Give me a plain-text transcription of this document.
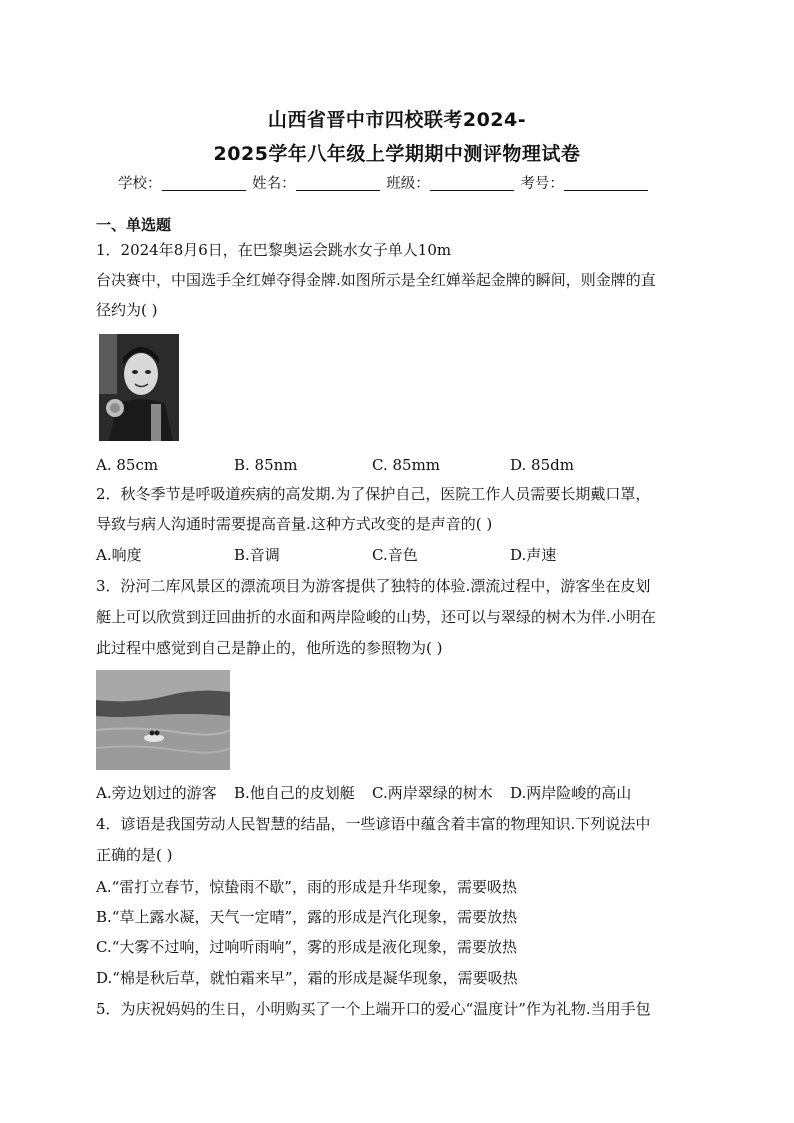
山西省晋中市四校联考2024-
2025学年八年级上学期期中测评物理试卷
学校：	姓名：	班级：	考号：
一、单选题
1．2024年8月6日，在巴黎奥运会跳水女子单人10m
台决赛中，中国选手全红婵夺得金牌.如图所示是全红婵举起金牌的瞬间，则金牌的直
径约为( )
A. 85cm	B. 85nm	C. 85mm	D. 85dm
2．秋冬季节是呼吸道疾病的高发期.为了保护自己，医院工作人员需要长期戴口罩，
导致与病人沟通时需要提高音量.这种方式改变的是声音的( )
A.响度	B.音调	C.音色	D.声速
3．汾河二库风景区的漂流项目为游客提供了独特的体验.漂流过程中，游客坐在皮划
艇上可以欣赏到迂回曲折的水面和两岸险峻的山势，还可以与翠绿的树木为伴.小明在
此过程中感觉到自己是静止的，他所选的参照物为( )
A.旁边划过的游客 B.他自己的皮划艇 C.两岸翠绿的树木 D.两岸险峻的高山
4．谚语是我国劳动人民智慧的结晶，一些谚语中蕴含着丰富的物理知识.下列说法中
正确的是( )
A.“雷打立春节，惊蛰雨不歇”，雨的形成是升华现象，需要吸热
B.“草上露水凝，天气一定晴”，露的形成是汽化现象，需要放热
C.“大雾不过响，过响听雨响”，雾的形成是液化现象，需要放热
D.“棉是秋后草，就怕霜来早”，霜的形成是凝华现象，需要吸热
5．为庆祝妈妈的生日，小明购买了一个上端开口的爱心“温度计”作为礼物.当用手包
